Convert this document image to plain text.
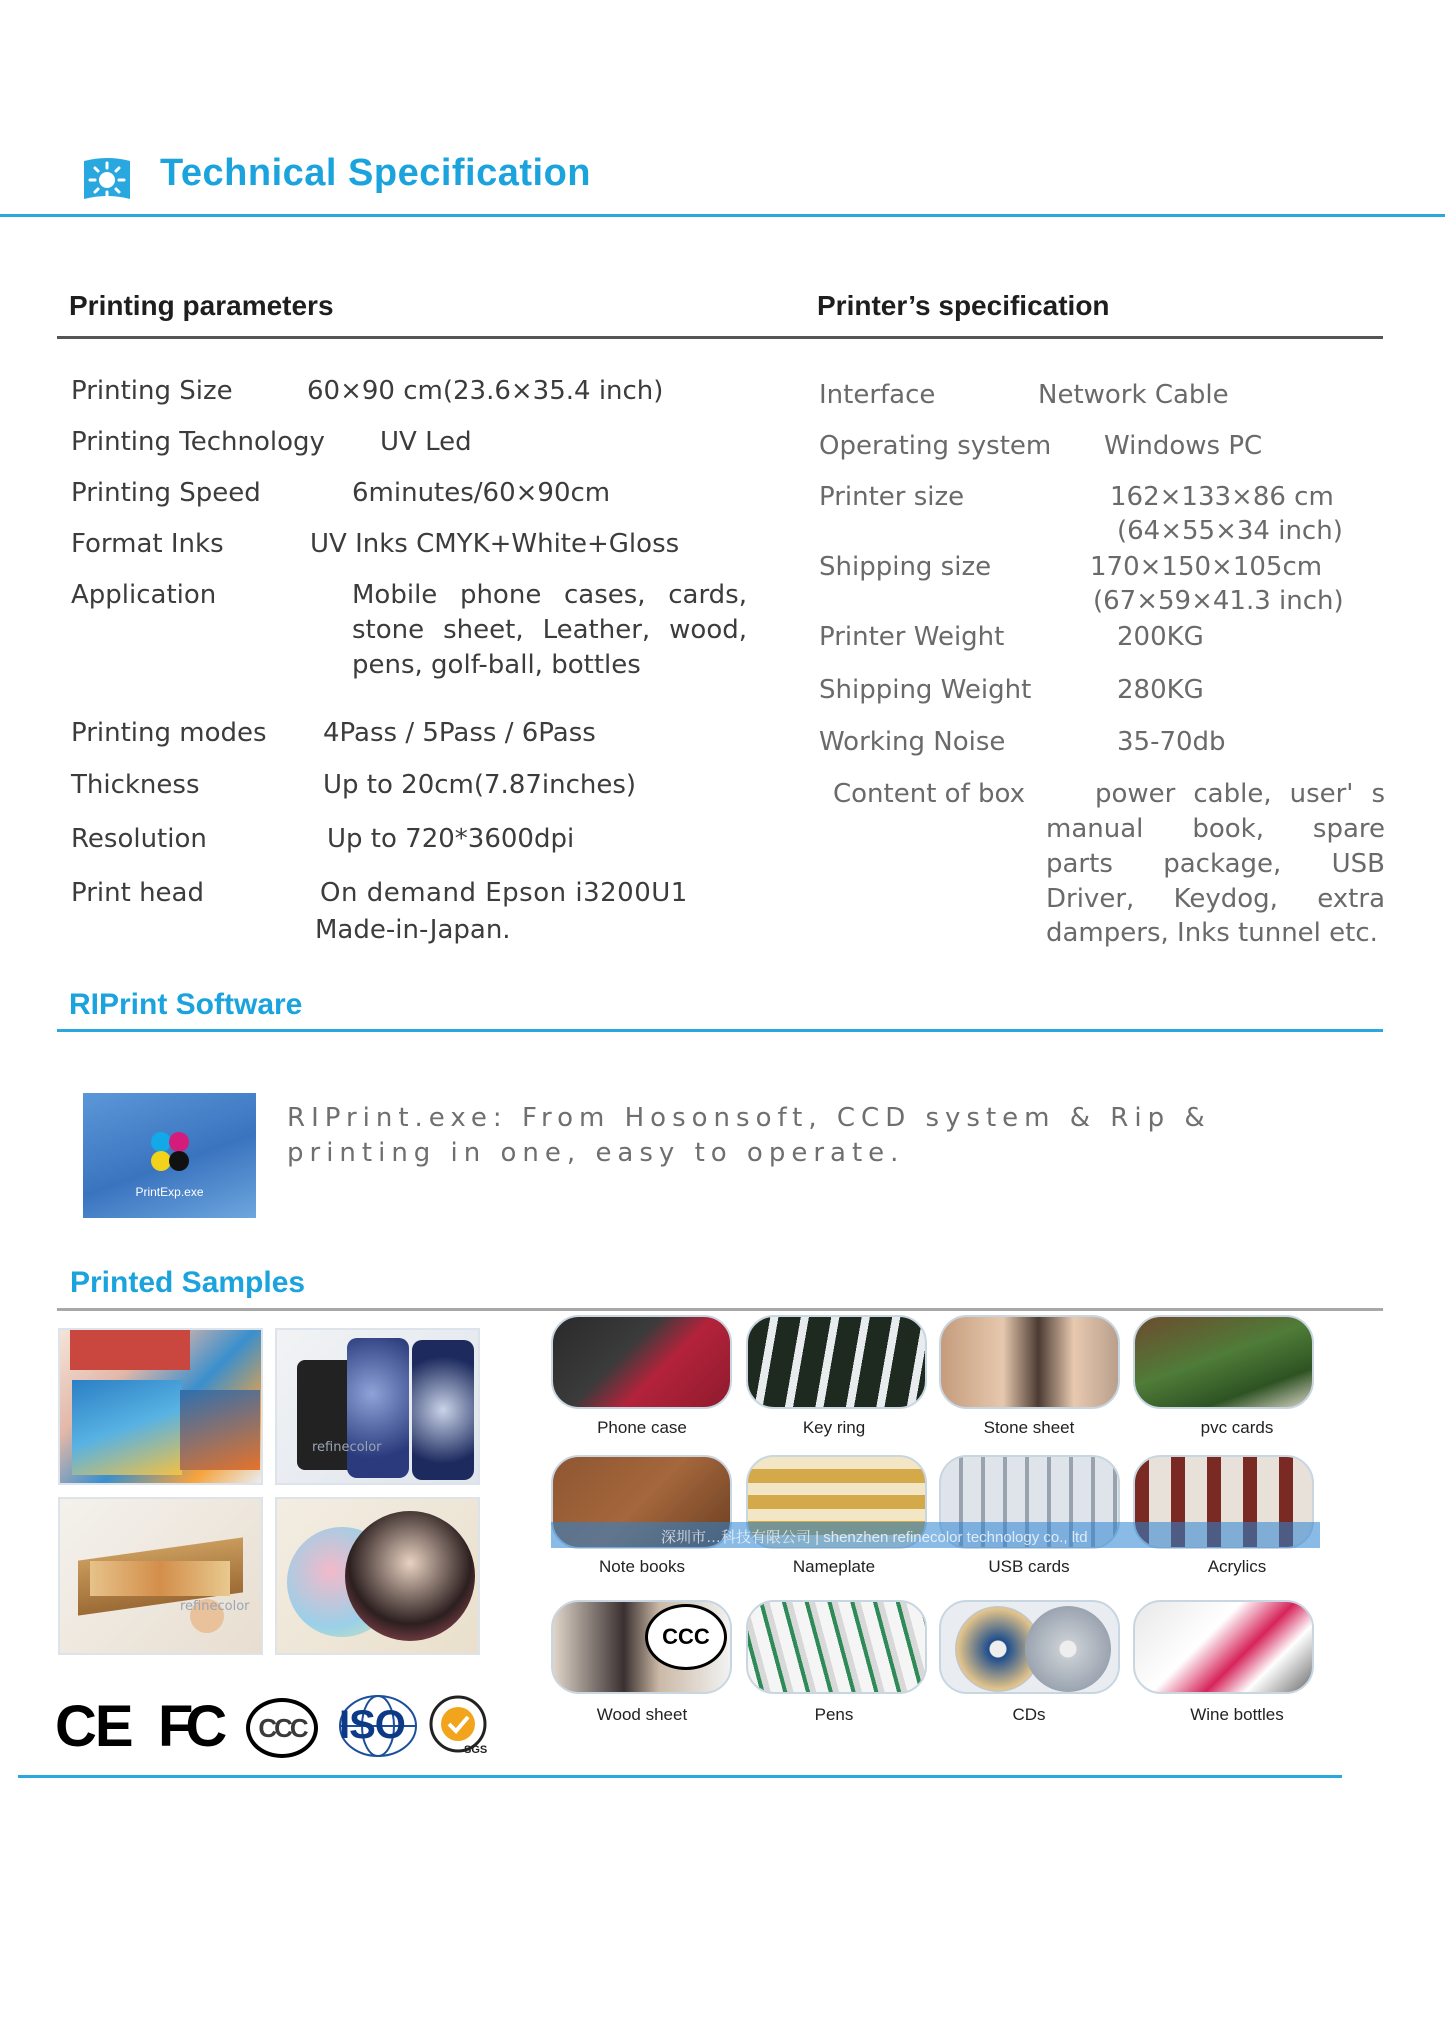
Technical Specification
Printing parameters	Printer’s specification
Printing Size	60×90 cm(23.6×35.4 inch)
Printing Technology UV Led
Printing Speed	6minutes/60×90cm
Format Inks	UV Inks CMYK+White+Gloss
Application	Mobile phone cases, cards,
stone sheet, Leather, wood,
pens, golf-ball, bottles
Printing modes 4Pass / 5Pass / 6Pass
Thickness	Up to 20cm(7.87inches)
Resolution	Up to 720*3600dpi
Print head	On demand Epson i3200U1
Made-in-Japan.
Interface	Network Cable
Operating system Windows PC
Printer size	162×133×86 cm
(64×55×34 inch)
Shipping size	170×150×105cm
(67×59×41.3 inch)
Printer Weight	200KG
Shipping Weight	280KG
Working Noise	35-70db
Content of box	power cable, user' s
manual book, spare
parts package, USB
Driver, Keydog, extra
dampers, Inks tunnel etc.
RIPrint Software
PrintExp.exe
RIPrint.exe: From Hosonsoft, CCD system & Rip &
printing in one, easy to operate.
Printed Samples
refinecolor
refinecolor
CE FC	CCC ISO
SGS
Phone case	Key ring	Stone sheet	pvc cards
Note books	Nameplate	USB cards	Acrylics
深圳市…科技有限公司 | shenzhen refinecolor technology co., ltd
CCC
Wood sheet	Pens	CDs	Wine bottles
